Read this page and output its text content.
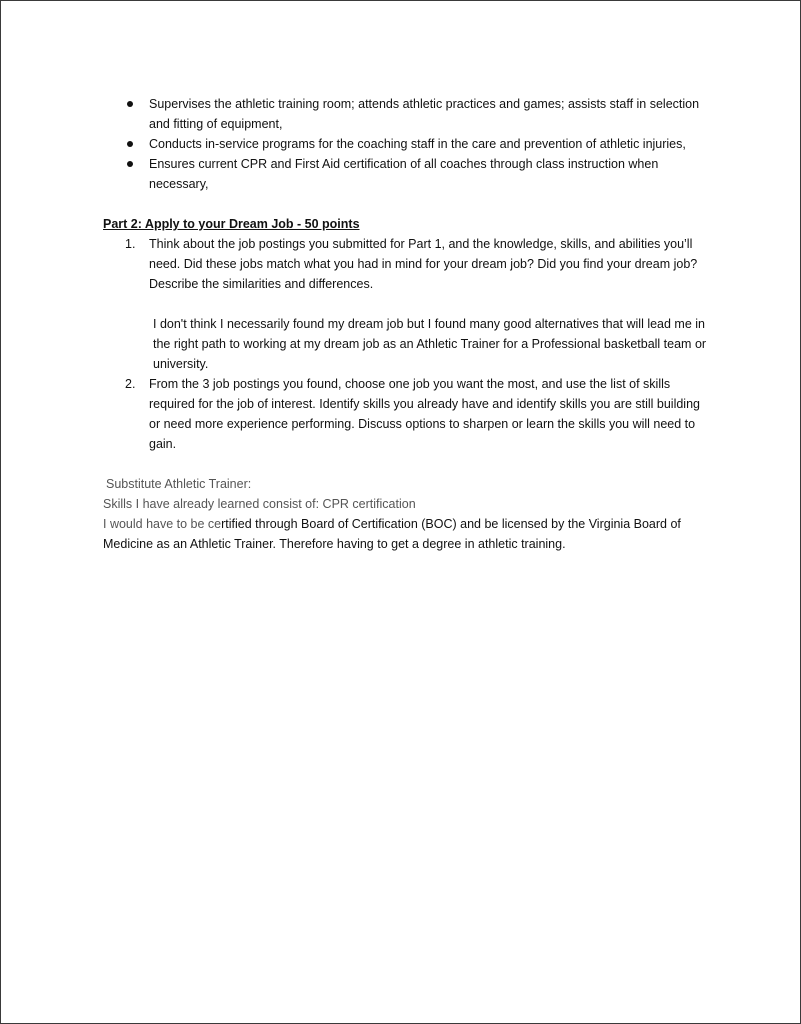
Supervises the athletic training room; attends athletic practices and games; assists staff in selection and fitting of equipment,
Conducts in-service programs for the coaching staff in the care and prevention of athletic injuries,
Ensures current CPR and First Aid certification of all coaches through class instruction when necessary,
Part 2: Apply to your Dream Job - 50 points
1. Think about the job postings you submitted for Part 1, and the knowledge, skills, and abilities you’ll need. Did these jobs match what you had in mind for your dream job? Did you find your dream job? Describe the similarities and differences.
I don't think I necessarily found my dream job but I found many good alternatives that will lead me in the right path to working at my dream job as an Athletic Trainer for a Professional basketball team or university.
2. From the 3 job postings you found, choose one job you want the most, and use the list of skills required for the job of interest. Identify skills you already have and identify skills you are still building or need more experience performing. Discuss options to sharpen or learn the skills you will need to gain.
Substitute Athletic Trainer:
Skills I have already learned consist of: CPR certification
I would have to be certified through Board of Certification (BOC) and be licensed by the Virginia Board of Medicine as an Athletic Trainer. Therefore having to get a degree in athletic training.
